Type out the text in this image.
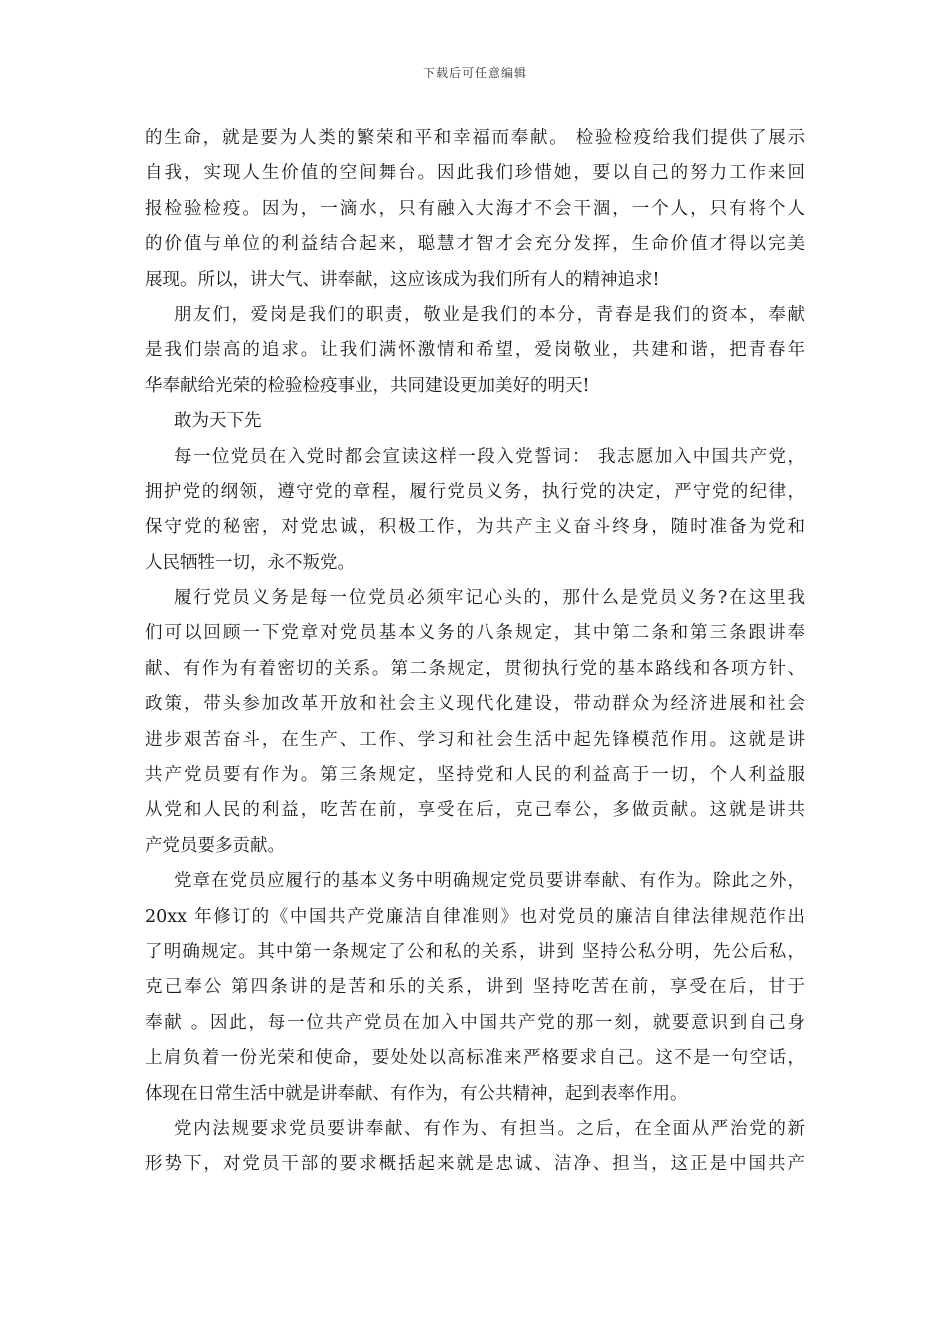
下载后可任意编辑
的生命，就是要为人类的繁荣和平和幸福而奉献。 检验检疫给我们提供了展示
自我，实现人生价值的空间舞台。因此我们珍惜她，要以自己的努力工作来回
报检验检疫。因为，一滴水，只有融入大海才不会干涸，一个人，只有将个人
的价值与单位的利益结合起来，聪慧才智才会充分发挥，生命价值才得以完美
展现。所以，讲大气、讲奉献，这应该成为我们所有人的精神追求!
朋友们，爱岗是我们的职责，敬业是我们的本分，青春是我们的资本，奉献
是我们崇高的追求。让我们满怀激情和希望，爱岗敬业，共建和谐，把青春年
华奉献给光荣的检验检疫事业，共同建设更加美好的明天!
敢为天下先
每一位党员在入党时都会宣读这样一段入党誓词： 我志愿加入中国共产党，
拥护党的纲领，遵守党的章程，履行党员义务，执行党的决定，严守党的纪律，
保守党的秘密，对党忠诚，积极工作，为共产主义奋斗终身，随时准备为党和
人民牺牲一切，永不叛党。
履行党员义务是每一位党员必须牢记心头的，那什么是党员义务?在这里我
们可以回顾一下党章对党员基本义务的八条规定，其中第二条和第三条跟讲奉
献、有作为有着密切的关系。第二条规定，贯彻执行党的基本路线和各项方针、
政策，带头参加改革开放和社会主义现代化建设，带动群众为经济进展和社会
进步艰苦奋斗，在生产、工作、学习和社会生活中起先锋模范作用。这就是讲
共产党员要有作为。第三条规定，坚持党和人民的利益高于一切，个人利益服
从党和人民的利益，吃苦在前，享受在后，克己奉公，多做贡献。这就是讲共
产党员要多贡献。
党章在党员应履行的基本义务中明确规定党员要讲奉献、有作为。除此之外，
20xx 年修订的《中国共产党廉洁自律准则》也对党员的廉洁自律法律规范作出
了明确规定。其中第一条规定了公和私的关系，讲到 坚持公私分明，先公后私，
克己奉公 第四条讲的是苦和乐的关系，讲到 坚持吃苦在前，享受在后，甘于
奉献 。因此，每一位共产党员在加入中国共产党的那一刻，就要意识到自己身
上肩负着一份光荣和使命，要处处以高标准来严格要求自己。这不是一句空话，
体现在日常生活中就是讲奉献、有作为，有公共精神，起到表率作用。
党内法规要求党员要讲奉献、有作为、有担当。之后，在全面从严治党的新
形势下，对党员干部的要求概括起来就是忠诚、洁净、担当，这正是中国共产
